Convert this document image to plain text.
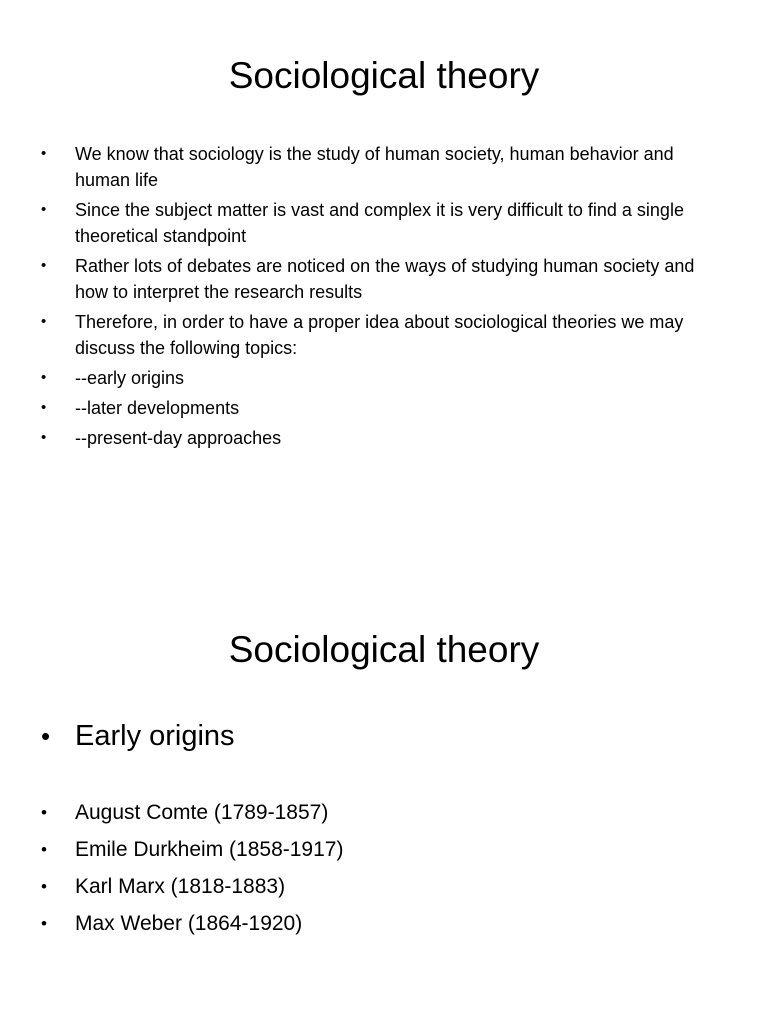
Sociological theory
• We know that sociology is the study of human society, human behavior and human life
• Since the subject matter is vast and complex it is very difficult to find a single theoretical standpoint
• Rather lots of debates are noticed on the ways of studying human society and how to interpret the research results
• Therefore, in order to have a proper idea about sociological theories we may discuss the following topics:
• --early origins
• --later developments
• --present-day approaches
Sociological theory
• Early origins
• August Comte (1789-1857)
• Emile Durkheim (1858-1917)
• Karl Marx (1818-1883)
• Max Weber (1864-1920)
